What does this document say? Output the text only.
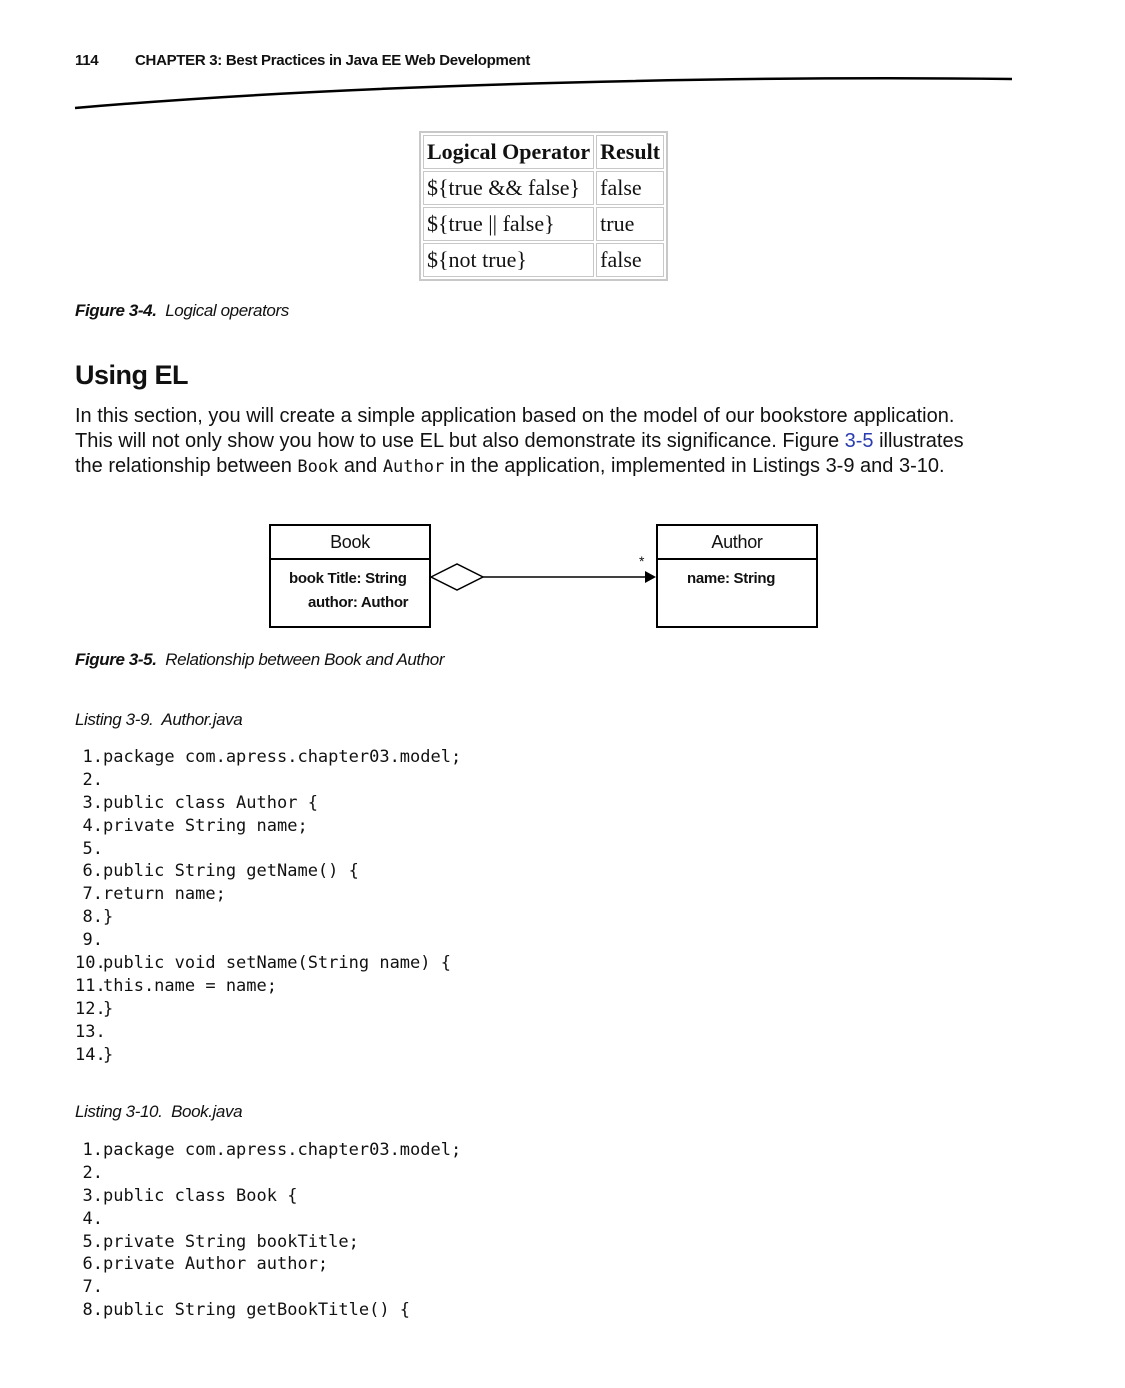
114 CHAPTER 3: Best Practices in Java EE Web Development
Logical Operator	Result
${true && false}	false
${true || false}	true
${not true}	false
Figure 3-4. Logical operators
Using EL
In this section, you will create a simple application based on the model of our bookstore application.
This will not only show you how to use EL but also demonstrate its significance. Figure 3-5 illustrates
the relationship between Book and Author in the application, implemented in Listings 3-9 and 3-10.
Book
book Title: String
author: Author
Author
name: String
*
Figure 3-5. Relationship between Book and Author
Listing 3-9. Author.java
1.package com.apress.chapter03.model;
2.
3.public class Author {
4.private String name;
5.
6.public String getName() {
7.return name;
8.}
9.
10.public void setName(String name) {
11.this.name = name;
12.}
13.
14.}
Listing 3-10. Book.java
1.package com.apress.chapter03.model;
2.
3.public class Book {
4.
5.private String bookTitle;
6.private Author author;
7.
8.public String getBookTitle() {
